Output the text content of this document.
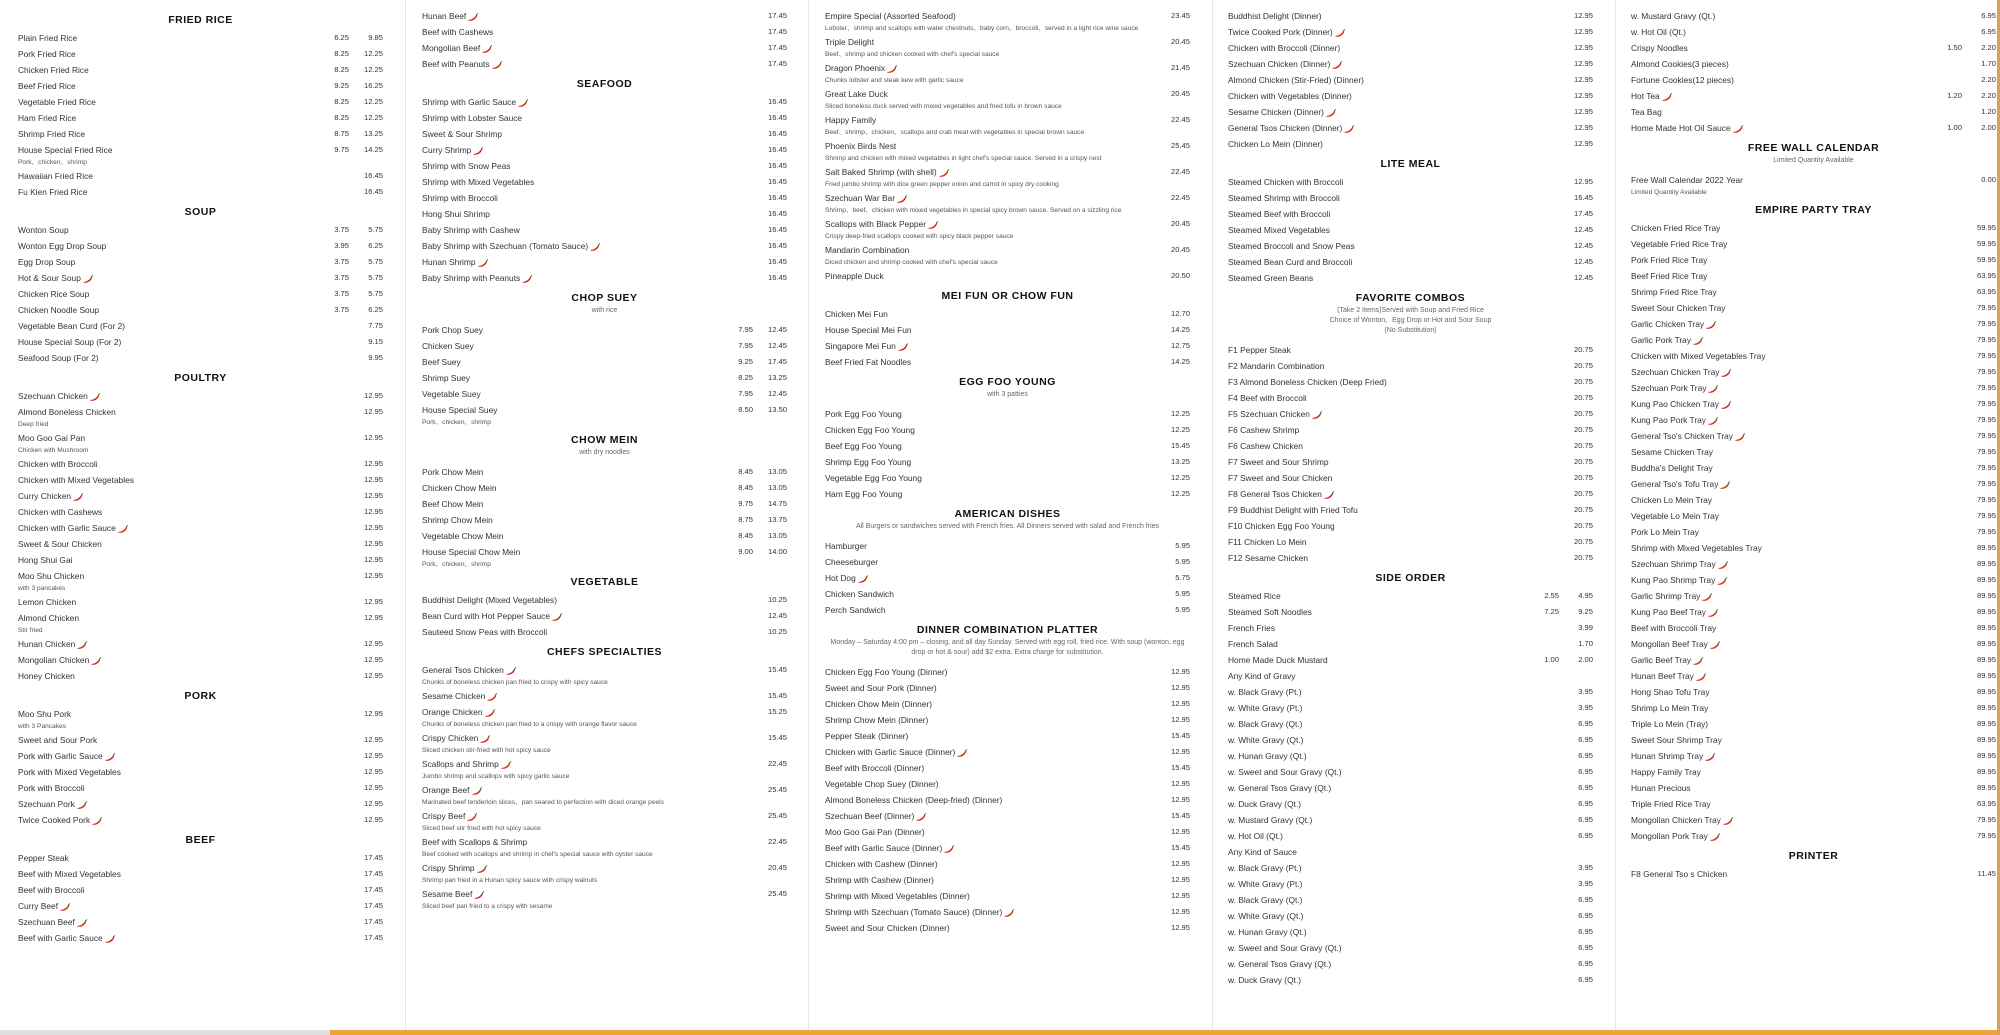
FRIED RICE
Plain Fried Rice	6.25	9.85
Pork Fried Rice	8.25	12.25
Chicken Fried Rice	8.25	12.25
Beef Fried Rice	9.25	16.25
Vegetable Fried Rice	8.25	12.25
Ham Fried Rice	8.25	12.25
Shrimp Fried Rice	8.75	13.25
House Special Fried Rice	9.75	14.25
Pork、chicken、shrimp
Hawaiian Fried Rice	16.45
Fu Kien Fried Rice	16.45
SOUP
Wonton Soup	3.75	5.75
Wonton Egg Drop Soup	3.95	6.25
Egg Drop Soup	3.75	5.75
Hot & Sour Soup	3.75	5.75
Chicken Rice Soup	3.75	5.75
Chicken Noodle Soup	3.75	6.25
Vegetable Bean Curd (For 2)	7.75
House Special Soup (For 2)	9.15
Seafood Soup (For 2)	9.95
POULTRY
Szechuan Chicken	12.95
Almond Boneless Chicken	12.95
Deep fried
Moo Goo Gai Pan	12.95
Chicken with Mushroom
Chicken with Broccoli	12.95
Chicken with Mixed Vegetables	12.95
Curry Chicken	12.95
Chicken with Cashews	12.95
Chicken with Garlic Sauce	12.95
Sweet & Sour Chicken	12.95
Hong Shui Gai	12.95
Moo Shu Chicken	12.95
with 3 pancakes
Lemon Chicken	12.95
Almond Chicken	12.95
Stir fried
Hunan Chicken	12.95
Mongolian Chicken	12.95
Honey Chicken	12.95
PORK
Moo Shu Pork	12.95
with 3 Pancakes
Sweet and Sour Pork	12.95
Pork with Garlic Sauce	12.95
Pork with Mixed Vegetables	12.95
Pork with Broccoli	12.95
Szechuan Pork	12.95
Twice Cooked Pork	12.95
BEEF
Pepper Steak	17.45
Beef with Mixed Vegetables	17.45
Beef with Broccoli	17.45
Curry Beef	17.45
Szechuan Beef	17.45
Beef with Garlic Sauce	17.45
Hunan Beef	17.45
Beef with Cashews	17.45
Mongolian Beef	17.45
Beef with Peanuts	17.45
SEAFOOD
Shrimp with Garlic Sauce	16.45
Shrimp with Lobster Sauce	16.45
Sweet & Sour Shrimp	16.45
Curry Shrimp	16.45
Shrimp with Snow Peas	16.45
Shrimp with Mixed Vegetables	16.45
Shrimp with Broccoli	16.45
Hong Shui Shrimp	16.45
Baby Shrimp with Cashew	16.45
Baby Shrimp with Szechuan (Tomato Sauce)	16.45
Hunan Shrimp	16.45
Baby Shrimp with Peanuts	16.45
CHOP SUEY
with rice
Pork Chop Suey	7.95	12.45
Chicken Suey	7.95	12.45
Beef Suey	9.25	17.45
Shrimp Suey	8.25	13.25
Vegetable Suey	7.95	12.45
House Special Suey	8.50	13.50
Pork、chicken、shrimp
CHOW MEIN
with dry noodles
Pork Chow Mein	8.45	13.05
Chicken Chow Mein	8.45	13.05
Beef Chow Mein	9.75	14.75
Shrimp Chow Mein	8.75	13.75
Vegetable Chow Mein	8.45	13.05
House Special Chow Mein	9.00	14.00
Pork、chicken、shrimp
VEGETABLE
Buddhist Delight (Mixed Vegetables)	10.25
Bean Curd with Hot Pepper Sauce	12.45
Sauteed Snow Peas with Broccoli	10.25
CHEFS SPECIALTIES
General Tsos Chicken	15.45
Chunks of boneless chicken pan fried to crispy with spicy sauce
Sesame Chicken	15.45
Orange Chicken	15.25
Chunks of boneless chicken pan fried to a crispy with orange flavor sauce
Crispy Chicken	15.45
Sliced chicken stir-fried with hot spicy sauce
Scallops and Shrimp	22.45
Jumbo shrimp and scallops with spicy garlic sauce
Orange Beef	25.45
Marinated beef tenderloin slices、pan seared to perfection with diced orange peels
Crispy Beef	25.45
Sliced beef stir fried with hot spicy sauce
Beef with Scallops & Shrimp	22.45
Beef cooked with scallops and shrimp in chef's special sauce with oyster sauce
Crispy Shrimp	20.45
Shrimp pan fried in a Hunan spicy sauce with crispy walnuts
Sesame Beef	25.45
Sliced beef pan fried to a crispy with sesame
Empire Special (Assorted Seafood)	23.45
Lobster、shrimp and scallops with water chestnuts、baby corn、broccoli、served in a light rice wine sauce
Triple Delight	20.45
Beef、shrimp and chicken cooked with chef's special sauce
Dragon Phoenix	21.45
Chunks lobster and steak kew with garlic sauce
Great Lake Duck	20.45
Sliced boneless duck served with mixed vegetables and fried tofu in brown sauce
Happy Family	22.45
Beef、shrimp、chicken、scallops and crab meat with vegetables in special brown sauce
Phoenix Birds Nest	25.45
Shrimp and chicken with mixed vegetables in light chef's special sauce. Served in a crispy nest
Salt Baked Shrimp (with shell)	22.45
Fried jumbo shrimp with dice green pepper onion and carrot in spicy dry cooking
Szechuan War Bar	22.45
Shrimp、beef、chicken with mixed vegetables in special spicy brown sauce. Served on a sizzling rice
Scallops with Black Pepper	20.45
Crispy deep-fried scallops cooked with spicy black pepper sauce
Mandarin Combination	20.45
Diced chicken and shrimp cooked with chef's special sauce
Pineapple Duck	20.50
MEI FUN OR CHOW FUN
Chicken Mei Fun	12.70
House Special Mei Fun	14.25
Singapore Mei Fun	12.75
Beef Fried Fat Noodles	14.25
EGG FOO YOUNG
with 3 patties
Pork Egg Foo Young	12.25
Chicken Egg Foo Young	12.25
Beef Egg Foo Young	15.45
Shrimp Egg Foo Young	13.25
Vegetable Egg Foo Young	12.25
Ham Egg Foo Young	12.25
AMERICAN DISHES
All Burgers or sandwiches served with French fries. All Dinners served with salad and French fries
Hamburger	5.95
Cheeseburger	5.95
Hot Dog	5.75
Chicken Sandwich	5.95
Perch Sandwich	5.95
DINNER COMBINATION PLATTER
Monday – Saturday 4:00 pm – closing, and all day Sunday. Served with egg roll, fried rice. With soup (wonton, egg drop or hot & sour) add $2 extra. Extra charge for substitution.
Chicken Egg Foo Young (Dinner)	12.95
Sweet and Sour Pork (Dinner)	12.95
Chicken Chow Mein (Dinner)	12.95
Shrimp Chow Mein (Dinner)	12.95
Pepper Steak (Dinner)	15.45
Chicken with Garlic Sauce (Dinner)	12.95
Beef with Broccoli (Dinner)	15.45
Vegetable Chop Suey (Dinner)	12.95
Almond Boneless Chicken (Deep-fried) (Dinner)	12.95
Szechuan Beef (Dinner)	15.45
Moo Goo Gai Pan (Dinner)	12.95
Beef with Garlic Sauce (Dinner)	15.45
Chicken with Cashew (Dinner)	12.95
Shrimp with Cashew (Dinner)	12.95
Shrimp with Mixed Vegetables (Dinner)	12.95
Shrimp with Szechuan (Tomato Sauce) (Dinner)	12.95
Sweet and Sour Chicken (Dinner)	12.95
Buddhist Delight (Dinner)	12.95
Twice Cooked Pork (Dinner)	12.95
Chicken with Broccoli (Dinner)	12.95
Szechuan Chicken (Dinner)	12.95
Almond Chicken (Stir-Fried) (Dinner)	12.95
Chicken with Vegetables (Dinner)	12.95
Sesame Chicken (Dinner)	12.95
General Tsos Chicken (Dinner)	12.95
Chicken Lo Mein (Dinner)	12.95
LITE MEAL
Steamed Chicken with Broccoli	12.95
Steamed Shrimp with Broccoli	16.45
Steamed Beef with Broccoli	17.45
Steamed Mixed Vegetables	12.45
Steamed Broccoli and Snow Peas	12.45
Steamed Bean Curd and Broccoli	12.45
Steamed Green Beans	12.45
FAVORITE COMBOS
(Take 2 Items)Served with Soup and Fried Rice
Choice of Wonton、Egg Drop or Hot and Sour Soup
(No Substitution)
F1 Pepper Steak	20.75
F2 Mandarin Combination	20.75
F3 Almond Boneless Chicken (Deep Fried)	20.75
F4 Beef with Broccoli	20.75
F5 Szechuan Chicken	20.75
F6 Cashew Shrimp	20.75
F6 Cashew Chicken	20.75
F7 Sweet and Sour Shrimp	20.75
F7 Sweet and Sour Chicken	20.75
F8 General Tsos Chicken	20.75
F9 Buddhist Delight with Fried Tofu	20.75
F10 Chicken Egg Foo Young	20.75
F11 Chicken Lo Mein	20.75
F12 Sesame Chicken	20.75
SIDE ORDER
Steamed Rice	2.55	4.95
Steamed Soft Noodles	7.25	9.25
French Fries	3.99
French Salad	1.70
Home Made Duck Mustard	1.00	2.00
Any Kind of Gravy
w. Black Gravy (Pt.)	3.95
w. White Gravy (Pt.)	3.95
w. Black Gravy (Qt.)	6.95
w. White Gravy (Qt.)	6.95
w. Hunan Gravy (Qt.)	6.95
w. Sweet and Sour Gravy (Qt.)	6.95
w. General Tsos Gravy (Qt.)	6.95
w. Duck Gravy (Qt.)	6.95
w. Mustard Gravy (Qt.)	6.95
w. Hot Oil (Qt.)	6.95
Any Kind of Sauce
w. Black Gravy (Pt.)	3.95
w. White Gravy (Pt.)	3.95
w. Black Gravy (Qt.)	6.95
w. White Gravy (Qt.)	6.95
w. Hunan Gravy (Qt.)	6.95
w. Sweet and Sour Gravy (Qt.)	6.95
w. General Tsos Gravy (Qt.)	6.95
w. Duck Gravy (Qt.)	6.95
w. Mustard Gravy (Qt.)	6.95
w. Hot Oil (Qt.)	6.95
Crispy Noodles	1.50	2.20
Almond Cookies(3 pieces)	1.70
Fortune Cookies(12 pieces)	2.20
Hot Tea	1.20	2.20
Tea Bag	1.20
Home Made Hot Oil Sauce	1.00	2.00
FREE WALL CALENDAR
Limited Quantity Available
Free Wall Calendar 2022 Year	0.00
Limited Quantity Available
EMPIRE PARTY TRAY
Chicken Fried Rice Tray	59.95
Vegetable Fried Rice Tray	59.95
Pork Fried Rice Tray	59.95
Beef Fried Rice Tray	63.95
Shrimp Fried Rice Tray	63.95
Sweet Sour Chicken Tray	79.95
Garlic Chicken Tray	79.95
Garlic Pork Tray	79.95
Chicken with Mixed Vegetables Tray	79.95
Szechuan Chicken Tray	79.95
Szechuan Pork Tray	79.95
Kung Pao Chicken Tray	79.95
Kung Pao Pork Tray	79.95
General Tso's Chicken Tray	79.95
Sesame Chicken Tray	79.95
Buddha's Delight Tray	79.95
General Tso's Tofu Tray	79.95
Chicken Lo Mein Tray	79.95
Vegetable Lo Mein Tray	79.95
Pork Lo Mein Tray	79.95
Shrimp with Mixed Vegetables Tray	89.95
Szechuan Shrimp Tray	89.95
Kung Pao Shrimp Tray	89.95
Garlic Shrimp Tray	89.95
Kung Pao Beef Tray	89.95
Beef with Broccoli Tray	89.95
Mongolian Beef Tray	89.95
Garlic Beef Tray	89.95
Hunan Beef Tray	89.95
Hong Shao Tofu Tray	89.95
Shrimp Lo Mein Tray	89.95
Triple Lo Mein (Tray)	89.95
Sweet Sour Shrimp Tray	89.95
Hunan Shrimp Tray	89.95
Happy Family Tray	89.95
Hunan Precious	89.95
Triple Fried Rice Tray	63.95
Mongolian Chicken Tray	79.95
Mongolian Pork Tray	79.95
PRINTER
F8 General Tso s Chicken	11.45
